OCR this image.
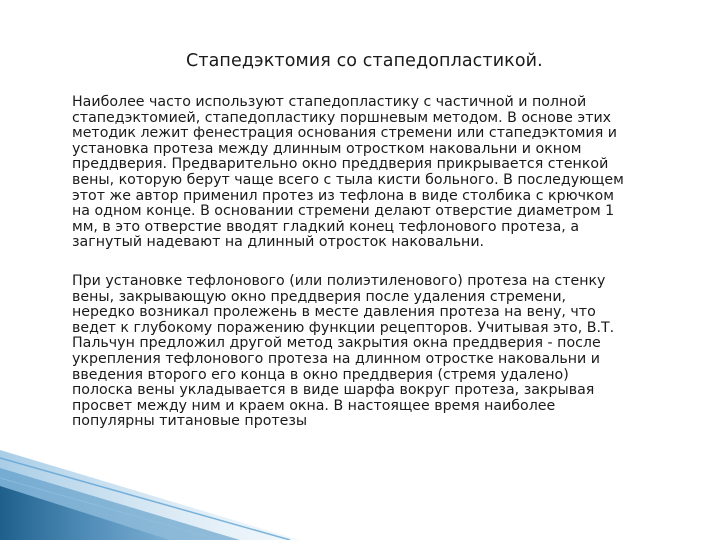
Стапедэктомия со стапедопластикой.
Наиболее часто используют стапедопластику с частичной и полной
стапедэктомией, стапедопластику поршневым методом. В основе этих
методик лежит фенестрация основания стремени или стапедэктомия и
установка протеза между длинным отростком наковальни и окном
преддверия. Предварительно окно преддверия прикрывается стенкой
вены, которую берут чаще всего с тыла кисти больного. В последующем
этот же автор применил протез из тефлона в виде столбика с крючком
на одном конце. В основании стремени делают отверстие диаметром 1
мм, в это отверстие вводят гладкий конец тефлонового протеза, а
загнутый надевают на длинный отросток наковальни.
При установке тефлонового (или полиэтиленового) протеза на стенку
вены, закрывающую окно преддверия после удаления стремени,
нередко возникал пролежень в месте давления протеза на вену, что
ведет к глубокому поражению функции рецепторов. Учитывая это, В.Т.
Пальчун предложил другой метод закрытия окна преддверия - после
укрепления тефлонового протеза на длинном отростке наковальни и
введения второго его конца в окно преддверия (стремя удалено)
полоска вены укладывается в виде шарфа вокруг протеза, закрывая
просвет между ним и краем окна. В настоящее время наиболее
популярны титановые протезы
